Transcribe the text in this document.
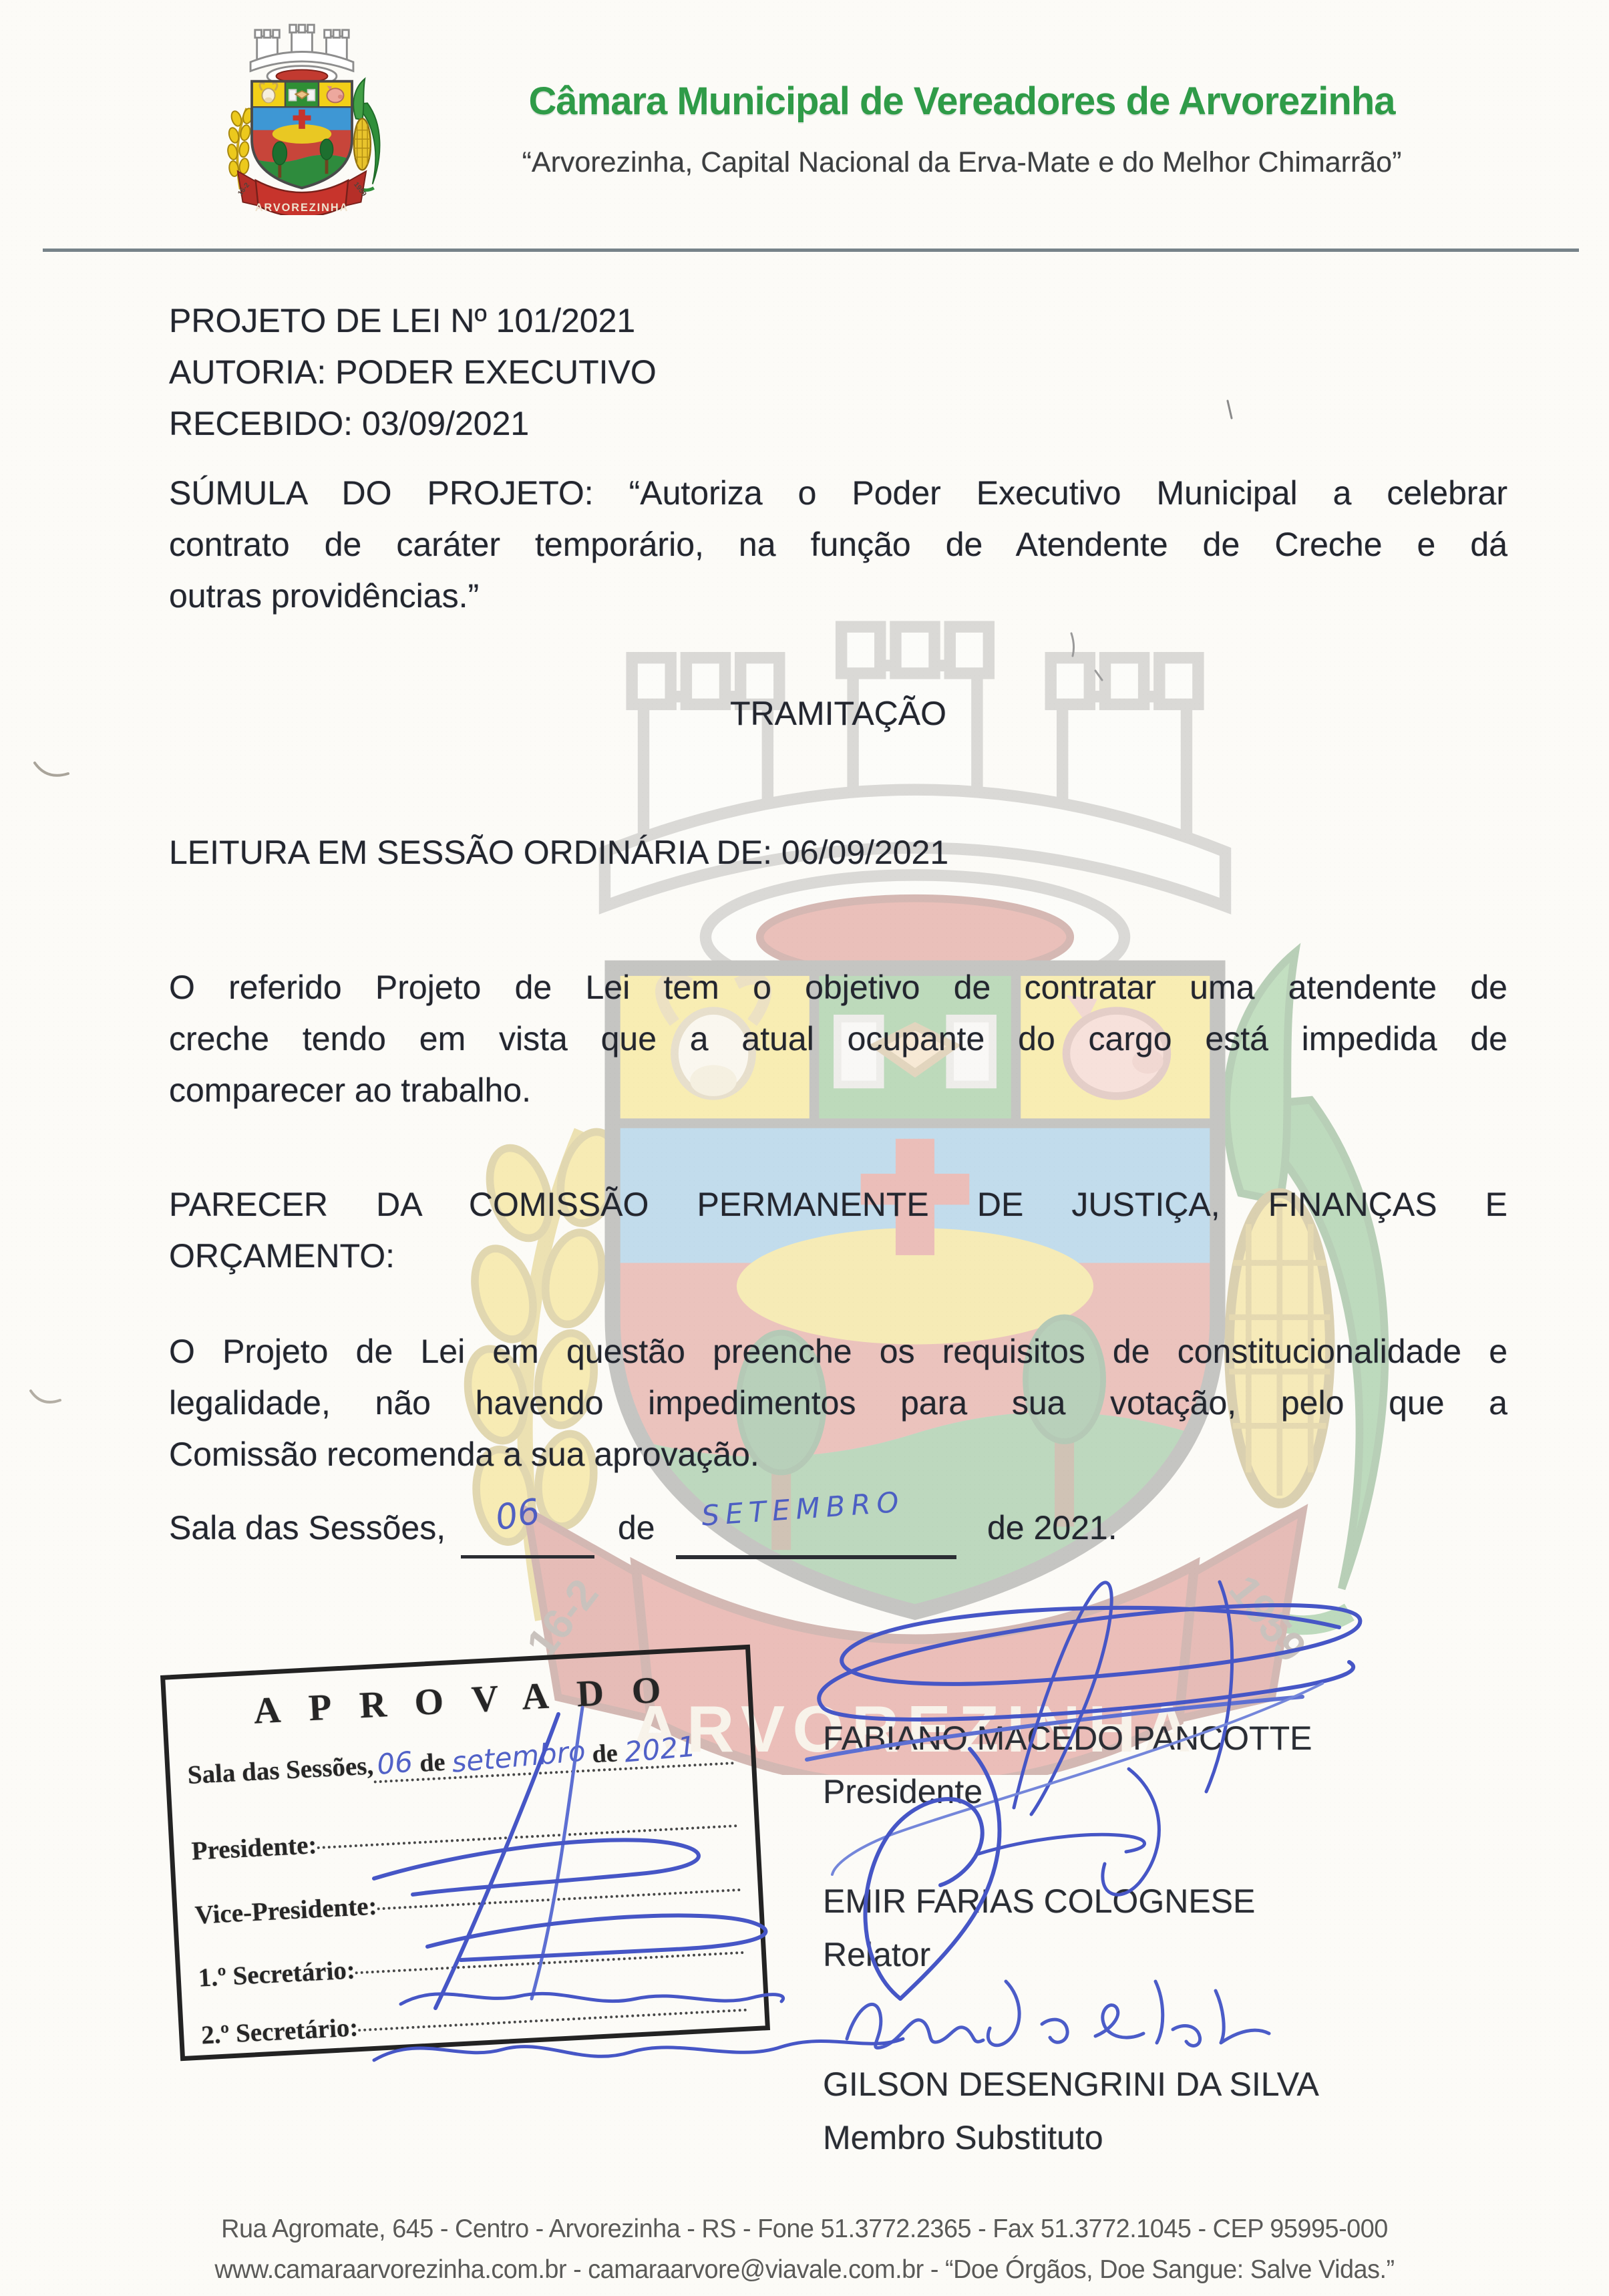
Câmara Municipal de Vereadores de Arvorezinha
“Arvorezinha, Capital Nacional da Erva-Mate e do Melhor Chimarrão”
PROJETO DE LEI Nº 101/2021
AUTORIA: PODER EXECUTIVO
RECEBIDO: 03/09/2021
SÚMULA DO PROJETO: “Autoriza o Poder Executivo Municipal a celebrar
contrato de caráter temporário, na função de Atendente de Creche e dá
outras providências.”
TRAMITAÇÃO
LEITURA EM SESSÃO ORDINÁRIA DE: 06/09/2021
O referido Projeto de Lei tem o objetivo de contratar uma atendente de
creche tendo em vista que a atual ocupante do cargo está impedida de
comparecer ao trabalho.
PARECER DA COMISSÃO PERMANENTE DE JUSTIÇA, FINANÇAS E
ORÇAMENTO:
O Projeto de Lei em questão preenche os requisitos de constitucionalidade e
legalidade, não havendo impedimentos para sua votação, pelo que a
Comissão recomenda a sua aprovação.
Sala das Sessões, 06 de SETEMBRO de 2021.
APROVADO
Sala das Sessões, 06 de setembro de 2021
Presidente:
Vice-Presidente:
1.º Secretário:
2.º Secretário:
FABIANO MACEDO PANCOTTE
Presidente
EMIR FARIAS COLOGNESE
Relator
GILSON DESENGRINI DA SILVA
Membro Substituto
Rua Agromate, 645 - Centro - Arvorezinha - RS - Fone 51.3772.2365 - Fax 51.3772.1045 - CEP 95995-000
www.camaraarvorezinha.com.br - camaraarvore@viavale.com.br - “Doe Órgãos, Doe Sangue: Salve Vidas.”
